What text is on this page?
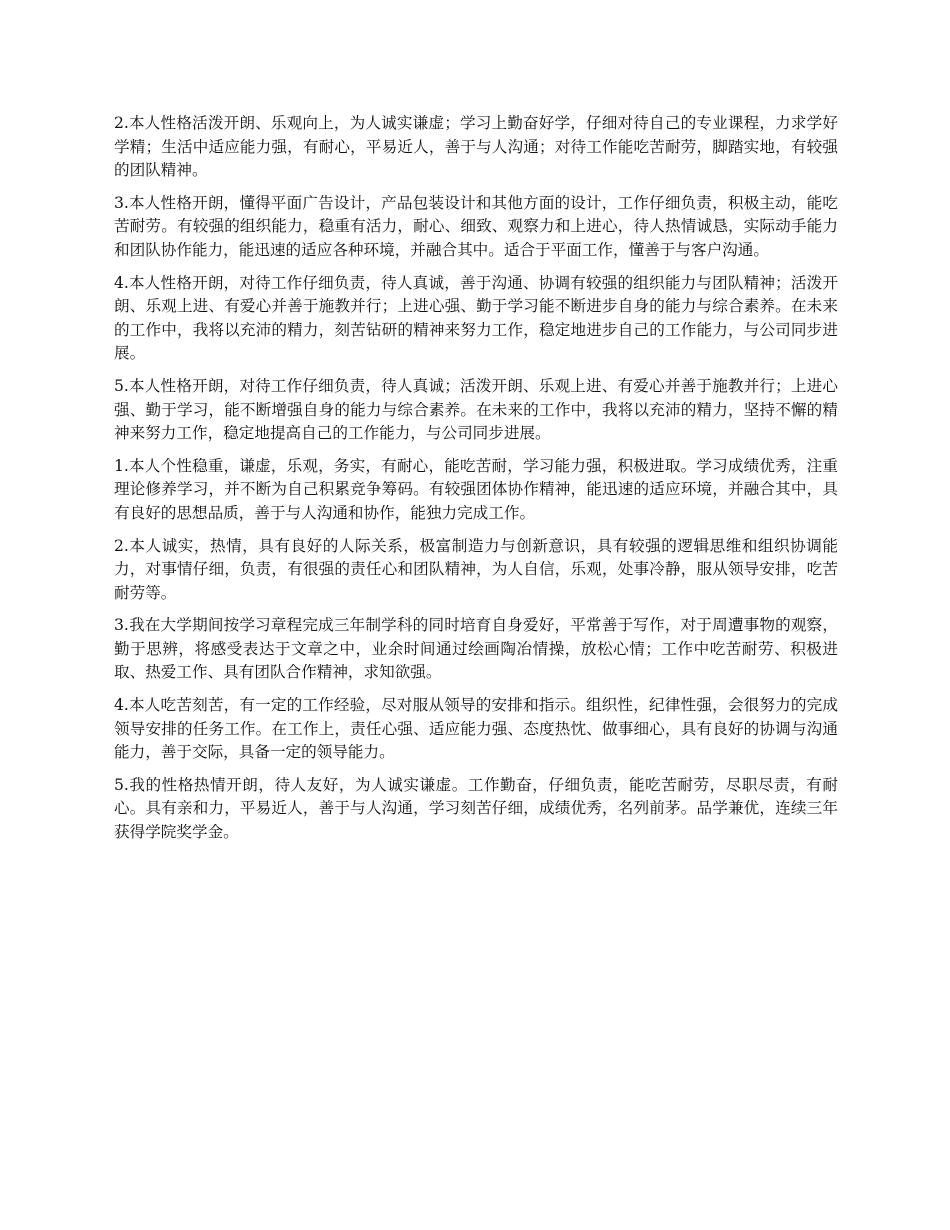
2.本人性格活泼开朗、乐观向上，为人诚实谦虚；学习上勤奋好学，仔细对待自己的专业课程，力求学好学精；生活中适应能力强，有耐心，平易近人，善于与人沟通；对待工作能吃苦耐劳，脚踏实地，有较强的团队精神。

3.本人性格开朗，懂得平面广告设计，产品包装设计和其他方面的设计，工作仔细负责，积极主动，能吃苦耐劳。有较强的组织能力，稳重有活力，耐心、细致、观察力和上进心，待人热情诚恳，实际动手能力和团队协作能力，能迅速的适应各种环境，并融合其中。适合于平面工作，懂善于与客户沟通。

4.本人性格开朗，对待工作仔细负责，待人真诚，善于沟通、协调有较强的组织能力与团队精神；活泼开朗、乐观上进、有爱心并善于施教并行；上进心强、勤于学习能不断进步自身的能力与综合素养。在未来的工作中，我将以充沛的精力，刻苦钻研的精神来努力工作，稳定地进步自己的工作能力，与公司同步进展。

5.本人性格开朗，对待工作仔细负责，待人真诚；活泼开朗、乐观上进、有爱心并善于施教并行；上进心强、勤于学习，能不断增强自身的能力与综合素养。在未来的工作中，我将以充沛的精力，坚持不懈的精神来努力工作，稳定地提高自己的工作能力，与公司同步进展。

1.本人个性稳重，谦虚，乐观，务实，有耐心，能吃苦耐，学习能力强，积极进取。学习成绩优秀，注重理论修养学习，并不断为自己积累竞争筹码。有较强团体协作精神，能迅速的适应环境，并融合其中，具有良好的思想品质，善于与人沟通和协作，能独力完成工作。

2.本人诚实，热情，具有良好的人际关系，极富制造力与创新意识，具有较强的逻辑思维和组织协调能力，对事情仔细，负责，有很强的责任心和团队精神，为人自信，乐观，处事冷静，服从领导安排，吃苦耐劳等。

3.我在大学期间按学习章程完成三年制学科的同时培育自身爱好，平常善于写作，对于周遭事物的观察，勤于思辨，将感受表达于文章之中，业余时间通过绘画陶冶情操，放松心情；工作中吃苦耐劳、积极进取、热爱工作、具有团队合作精神，求知欲强。

4.本人吃苦刻苦，有一定的工作经验，尽对服从领导的安排和指示。组织性，纪律性强，会很努力的完成领导安排的任务工作。在工作上，责任心强、适应能力强、态度热忱、做事细心，具有良好的协调与沟通能力，善于交际，具备一定的领导能力。

5.我的性格热情开朗，待人友好，为人诚实谦虚。工作勤奋，仔细负责，能吃苦耐劳，尽职尽责，有耐心。具有亲和力，平易近人，善于与人沟通，学习刻苦仔细，成绩优秀，名列前茅。品学兼优，连续三年获得学院奖学金。
